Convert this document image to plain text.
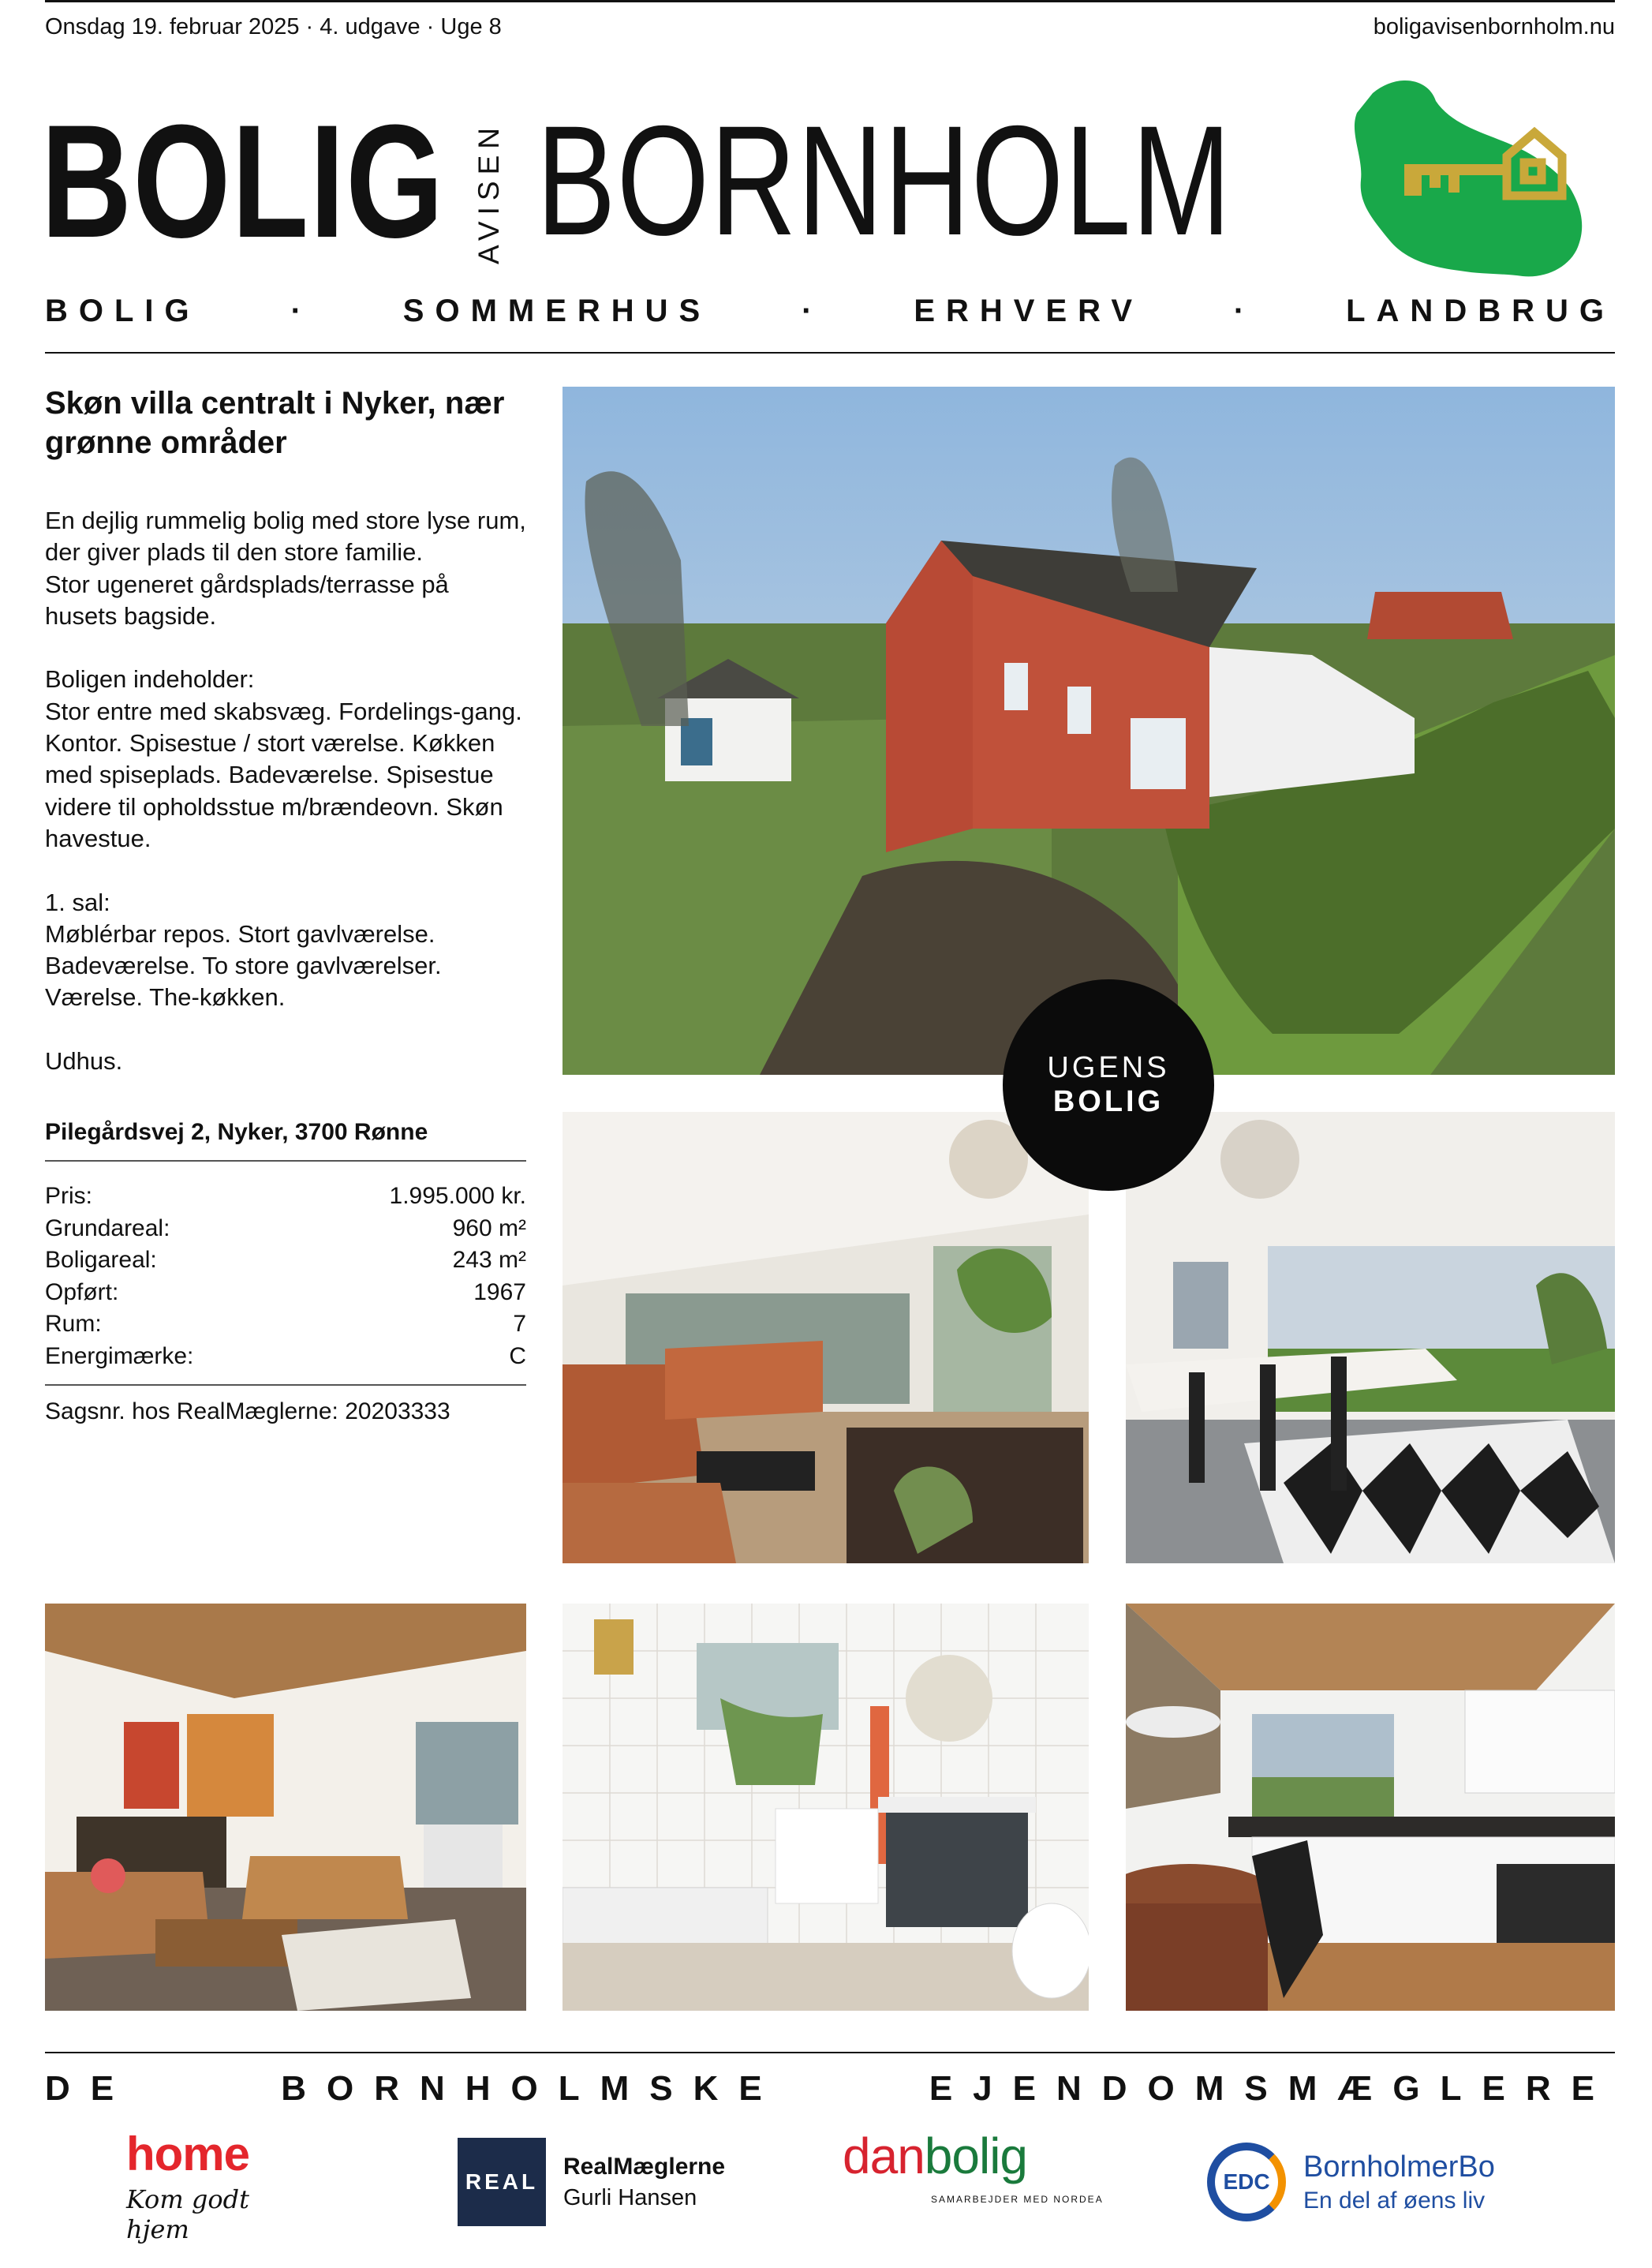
Onsdag 19. februar 2025 · 4. udgave · Uge 8	boligavisenbornholm.nu
BOLIG AVISEN BORNHOLM
BOLIG	·	SOMMERHUS	·	ERHVERV	·	LANDBRUG
Skøn villa centralt i Nyker, nær grønne områder
En dejlig rummelig bolig med store lyse rum, der giver plads til den store familie.
Stor ugeneret gårdsplads/terrasse på husets bagside.

Boligen indeholder:
Stor entre med skabsvæg. Fordelings-gang. Kontor. Spisestue / stort værelse. Køkken med spiseplads. Badeværelse. Spisestue videre til opholdsstue m/brændeovn. Skøn havestue.

1. sal:
Møblérbar repos. Stort gavlværelse. Badeværelse. To store gavlværelser. Værelse. The-køkken.

Udhus.
Pilegårdsvej 2, Nyker, 3700 Rønne
Pris:	1.995.000 kr.
Grundareal:	960 m²
Boligareal:	243 m²
Opført:	1967
Rum:	7
Energimærke:	C
Sagsnr. hos RealMæglerne: 20203333
UGENS
BOLIG
DE	BORNHOLMSKE	EJENDOMSMÆGLERE
home
Kom godt hjem
REAL
RealMæglerne
Gurli Hansen
danbolig
SAMARBEJDER MED NORDEA
EDC BornholmerBo
En del af øens liv
